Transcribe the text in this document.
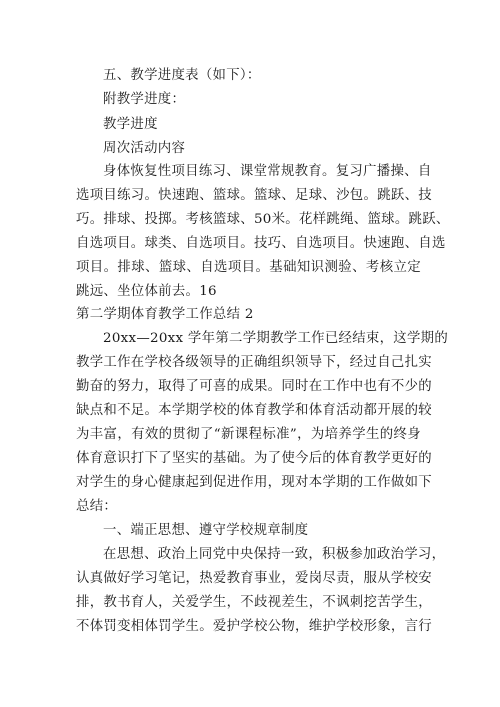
五、教学进度表（如下）：
附教学进度：
教学进度
周次活动内容
身体恢复性项目练习、课堂常规教育。复习广播操、自
选项目练习。快速跑、篮球。篮球、足球、沙包。跳跃、技
巧。排球、投掷。考核篮球、50米。花样跳绳、篮球。跳跃、
自选项目。球类、自选项目。技巧、自选项目。快速跑、自选
项目。排球、篮球、自选项目。基础知识测验、考核立定
跳远、坐位体前去。16
第二学期体育教学工作总结 2
20xx—20xx 学年第二学期教学工作已经结束，这学期的
教学工作在学校各级领导的正确组织领导下，经过自己扎实
勤奋的努力，取得了可喜的成果。同时在工作中也有不少的
缺点和不足。本学期学校的体育教学和体育活动都开展的较
为丰富，有效的贯彻了“新课程标准”，为培养学生的终身
体育意识打下了坚实的基础。为了使今后的体育教学更好的
对学生的身心健康起到促进作用，现对本学期的工作做如下
总结：
一、端正思想、遵守学校规章制度
在思想、政治上同党中央保持一致，积极参加政治学习，
认真做好学习笔记，热爱教育事业，爱岗尽责，服从学校安
排，教书育人，关爱学生，不歧视差生，不讽刺挖苦学生，
不体罚变相体罚学生。爱护学校公物，维护学校形象，言行
